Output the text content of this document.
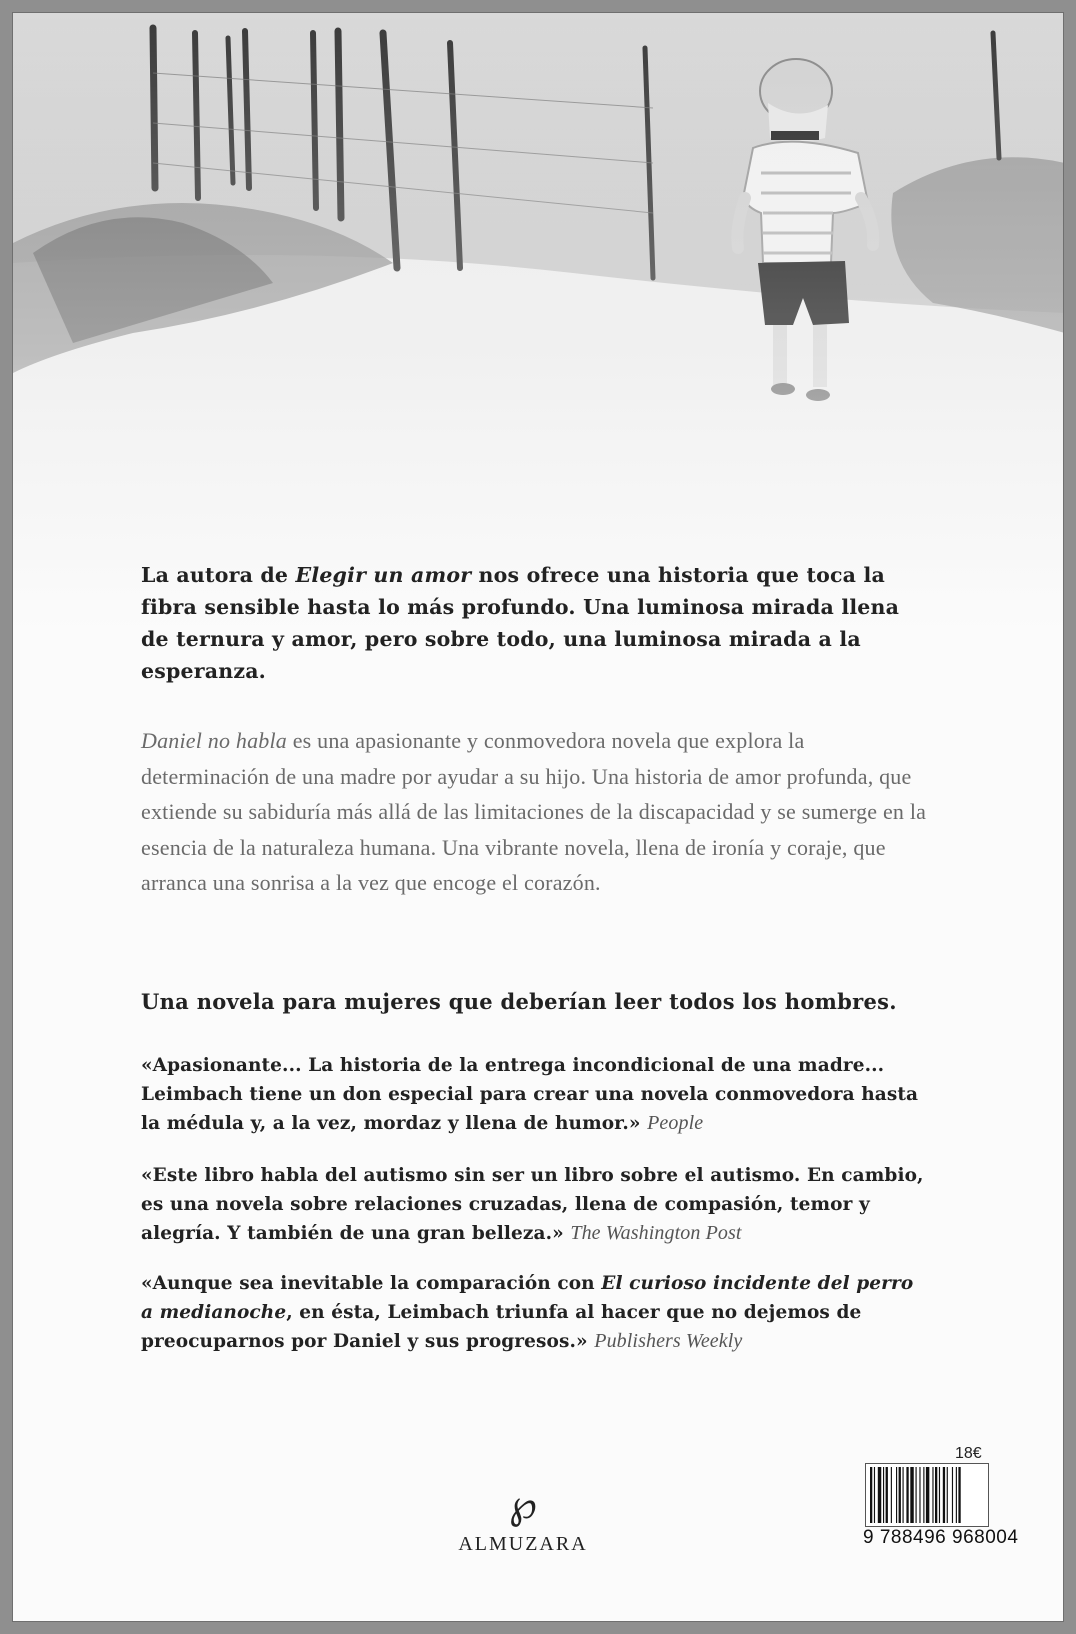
La autora de Elegir un amor nos ofrece una historia que toca la fibra sensible hasta lo más profundo. Una luminosa mirada llena de ternura y amor, pero sobre todo, una luminosa mirada a la esperanza.

Daniel no habla es una apasionante y conmovedora novela que explora la determinación de una madre por ayudar a su hijo. Una historia de amor profunda, que extiende su sabiduría más allá de las limitaciones de la discapacidad y se sumerge en la esencia de la naturaleza humana. Una vibrante novela, llena de ironía y coraje, que arranca una sonrisa a la vez que encoge el corazón.

Una novela para mujeres que deberían leer todos los hombres.

«Apasionante... La historia de la entrega incondicional de una madre... Leimbach tiene un don especial para crear una novela conmovedora hasta la médula y, a la vez, mordaz y llena de humor.» People

«Este libro habla del autismo sin ser un libro sobre el autismo. En cambio, es una novela sobre relaciones cruzadas, llena de compasión, temor y alegría. Y también de una gran belleza.» The Washington Post

«Aunque sea inevitable la comparación con El curioso incidente del perro a medianoche, en ésta, Leimbach triunfa al hacer que no dejemos de preocuparnos por Daniel y sus progresos.» Publishers Weekly

℘
ALMUZARA
18€
9 788496 968004
